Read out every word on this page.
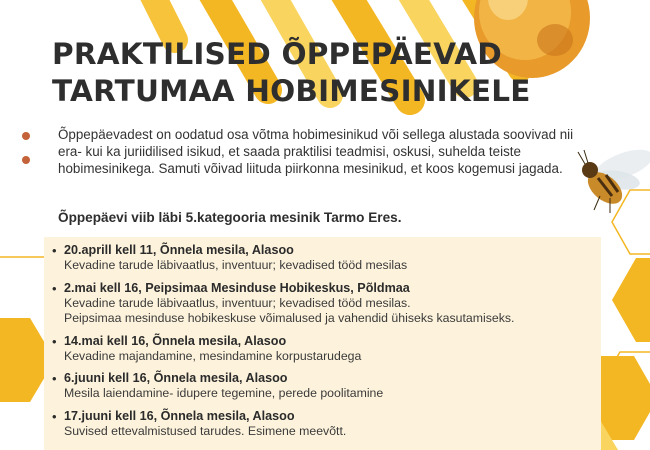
PRAKTILISED ÕPPEPÄEVAD
TARTUMAA HOBIMESINIKELE

Õppepäevadest on oodatud osa võtma hobimesinikud või sellega alustada soovivad nii era- kui ka juriidilised isikud, et saada praktilisi teadmisi, oskusi, suhelda teiste hobimesinikega. Samuti võivad liituda piirkonna mesinikud, et koos kogemusi jagada.

Õppepäevi viib läbi 5.kategooria mesinik Tarmo Eres.

• 20.aprill kell 11, Õnnela mesila, Alasoo
Kevadine tarude läbivaatlus, inventuur; kevadised tööd mesilas
• 2.mai kell 16, Peipsimaa Mesinduse Hobikeskus, Põldmaa
Kevadine tarude läbivaatlus, inventuur; kevadised tööd mesilas.
Peipsimaa mesinduse hobikeskuse võimalused ja vahendid ühiseks kasutamiseks.
• 14.mai kell 16, Õnnela mesila, Alasoo
Kevadine majandamine, mesindamine korpustarudega
• 6.juuni kell 16, Õnnela mesila, Alasoo
Mesila laiendamine- idupere tegemine, perede poolitamine
• 17.juuni kell 16, Õnnela mesila, Alasoo
Suvised ettevalmistused tarudes. Esimene meevõtt.
